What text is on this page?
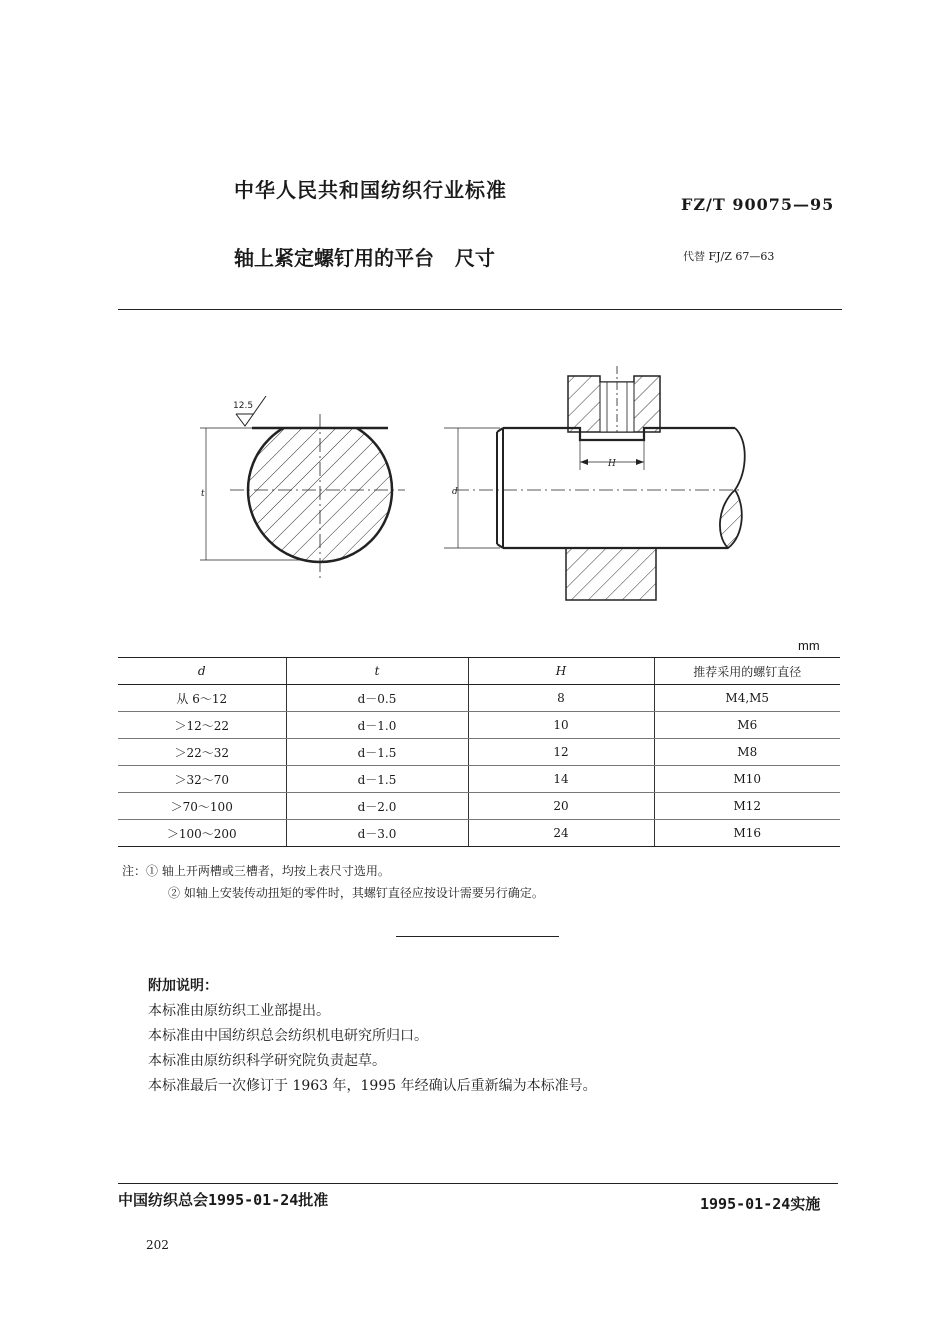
中华人民共和国纺织行业标准
FZ/T 90075—95
轴上紧定螺钉用的平台   尺寸	代替 FJ/Z 67—63
12.5
t	d
H
mm
d	t	H	推荐采用的螺钉直径
从 6～12	d－0.5	8	M4,M5
＞12～22	d－1.0	10	M6
＞22～32	d－1.5	12	M8
＞32～70	d－1.5	14	M10
＞70～100	d－2.0	20	M12
＞100～200	d－3.0	24	M16
注：① 轴上开两槽或三槽者，均按上表尺寸选用。
② 如轴上安装传动扭矩的零件时，其螺钉直径应按设计需要另行确定。
附加说明：
本标准由原纺织工业部提出。
本标准由中国纺织总会纺织机电研究所归口。
本标准由原纺织科学研究院负责起草。
本标准最后一次修订于 1963 年，1995 年经确认后重新编为本标准号。
中国纺织总会1995-01-24批准	1995-01-24实施
202
